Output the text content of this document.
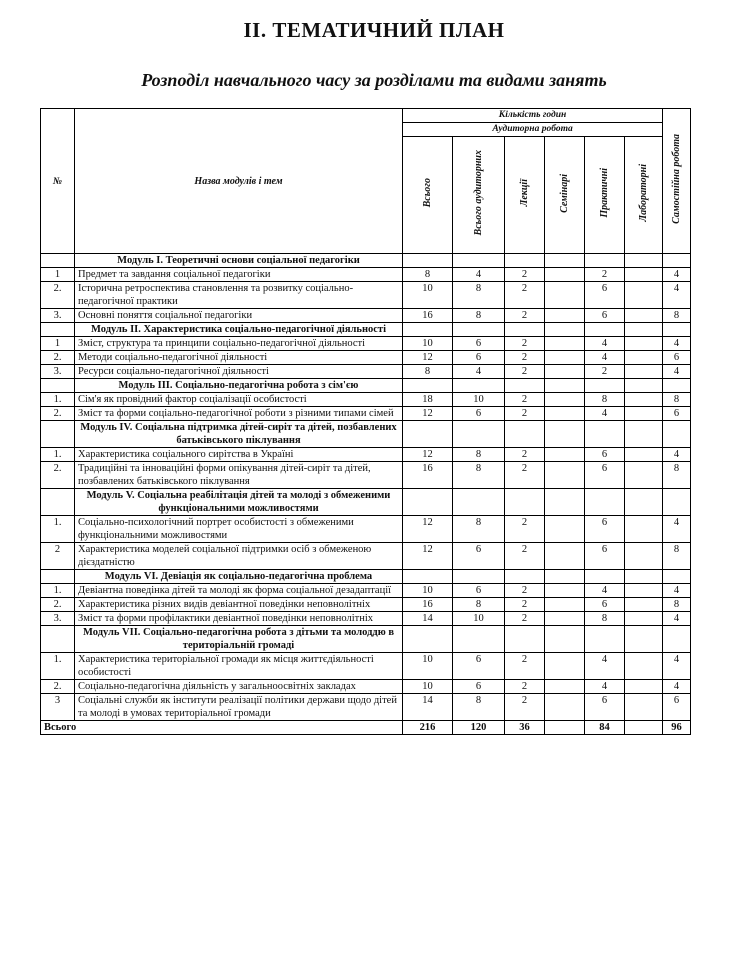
II. ТЕМАТИЧНИЙ ПЛАН
Розподіл навчального часу за розділами та видами занять
№	Назва модулів і тем	Кількість годин						Самостійна робота
		Аудиторна робота						
		Всього	Всього аудиторних	Лекції	Семінарі	Практичні	Лабораторні	
	Модуль І. Теоретичні основи соціальної педагогіки							
1	Предмет та завдання соціальної педагогіки	8	4	2		2		4
2.	Історична ретроспектива становлення та розвитку соціально-педагогічної практики	10	8	2		6		4
3.	Основні поняття соціальної педагогіки	16	8	2		6		8
	Модуль II. Характеристика соціально-педагогічної діяльності							
1	Зміст, структура та принципи соціально-педагогічної діяльності	10	6	2		4		4
2.	Методи соціально-педагогічної діяльності	12	6	2		4		6
3.	Ресурси соціально-педагогічної діяльності	8	4	2		2		4
	Модуль III. Соціально-педагогічна робота з сім'єю							
1.	Сім'я як провідний фактор соціалізації особистості	18	10	2		8		8
2.	Зміст та форми соціально-педагогічної роботи з різними типами сімей	12	6	2		4		6
	Модуль IV. Соціальна підтримка дітей-сиріт та дітей, позбавлених батьківського піклування							
1.	Характеристика соціального сирітства в Україні	12	8	2		6		4
2.	Традиційні та інноваційні форми опікування дітей-сиріт та дітей, позбавлених батьківського піклування	16	8	2		6		8
	Модуль V. Соціальна реабілітація дітей та молоді з обмеженими функціональними можливостями							
1.	Соціально-психологічний портрет особистості з обмеженими функціональними можливостями	12	8	2		6		4
2	Характеристика моделей соціальної підтримки осіб з обмеженою дієздатністю	12	6	2		6		8
	Модуль VI. Девіація як соціально-педагогічна проблема							
1.	Девіантна поведінка дітей та молоді як форма соціальної дезадаптації	10	6	2		4		4
2.	Характеристика різних видів девіантної поведінки неповнолітніх	16	8	2		6		8
3.	Зміст та форми профілактики девіантної поведінки неповнолітніх	14	10	2		8		4
	Модуль VII. Соціально-педагогічна робота з дітьми та молоддю в територіальній громаді							
1.	Характеристика територіальної громади як місця життєдіяльності особистості	10	6	2		4		4
2.	Соціально-педагогічна діяльність у загальноосвітніх закладах	10	6	2		4		4
3	Соціальні служби як інститути реалізації політики держави щодо дітей та молоді в умовах територіальної громади	14	8	2		6		6
Всього		216	120	36		84		96
